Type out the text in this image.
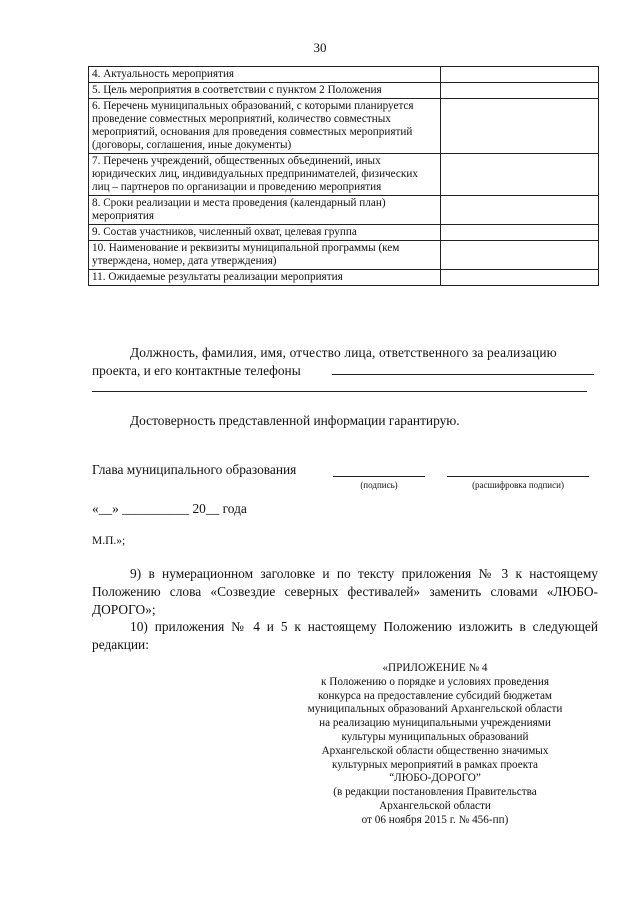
30
4. Актуальность мероприятия	
5. Цель мероприятия в соответствии с пунктом 2 Положения	
6. Перечень муниципальных образований, с которыми планируется проведение совместных мероприятий, количество совместных мероприятий, основания для проведения совместных мероприятий (договоры, соглашения, иные документы)	
7. Перечень учреждений, общественных объединений, иных юридических лиц, индивидуальных предпринимателей, физических лиц – партнеров по организации и проведению мероприятия	
8. Сроки реализации и места проведения (календарный план) мероприятия	
9. Состав участников, численный охват, целевая группа	
10. Наименование и реквизиты муниципальной программы (кем утверждена, номер, дата утверждения)	
11. Ожидаемые результаты реализации мероприятия	
Должность, фамилия, имя, отчество лица, ответственного за реализацию
проекта, и его контактные телефоны
Достоверность представленной информации гарантирую.
Глава муниципального образования
(подпись)	(расшифровка подписи)
«__» __________ 20__ года
М.П.»;
9) в нумерационном заголовке и по тексту приложения № 3 к настоящему Положению слова «Созвездие северных фестивалей» заменить словами «ЛЮБО-ДОРОГО»;
10) приложения № 4 и 5 к настоящему Положению изложить в следующей редакции:
«ПРИЛОЖЕНИЕ № 4
к Положению о порядке и условиях проведения
конкурса на предоставление субсидий бюджетам
муниципальных образований Архангельской области
на реализацию муниципальными учреждениями
культуры муниципальных образований
Архангельской области общественно значимых
культурных мероприятий в рамках проекта
“ЛЮБО-ДОРОГО”
(в редакции постановления Правительства
Архангельской области
от 06 ноября 2015 г. № 456-пп)
